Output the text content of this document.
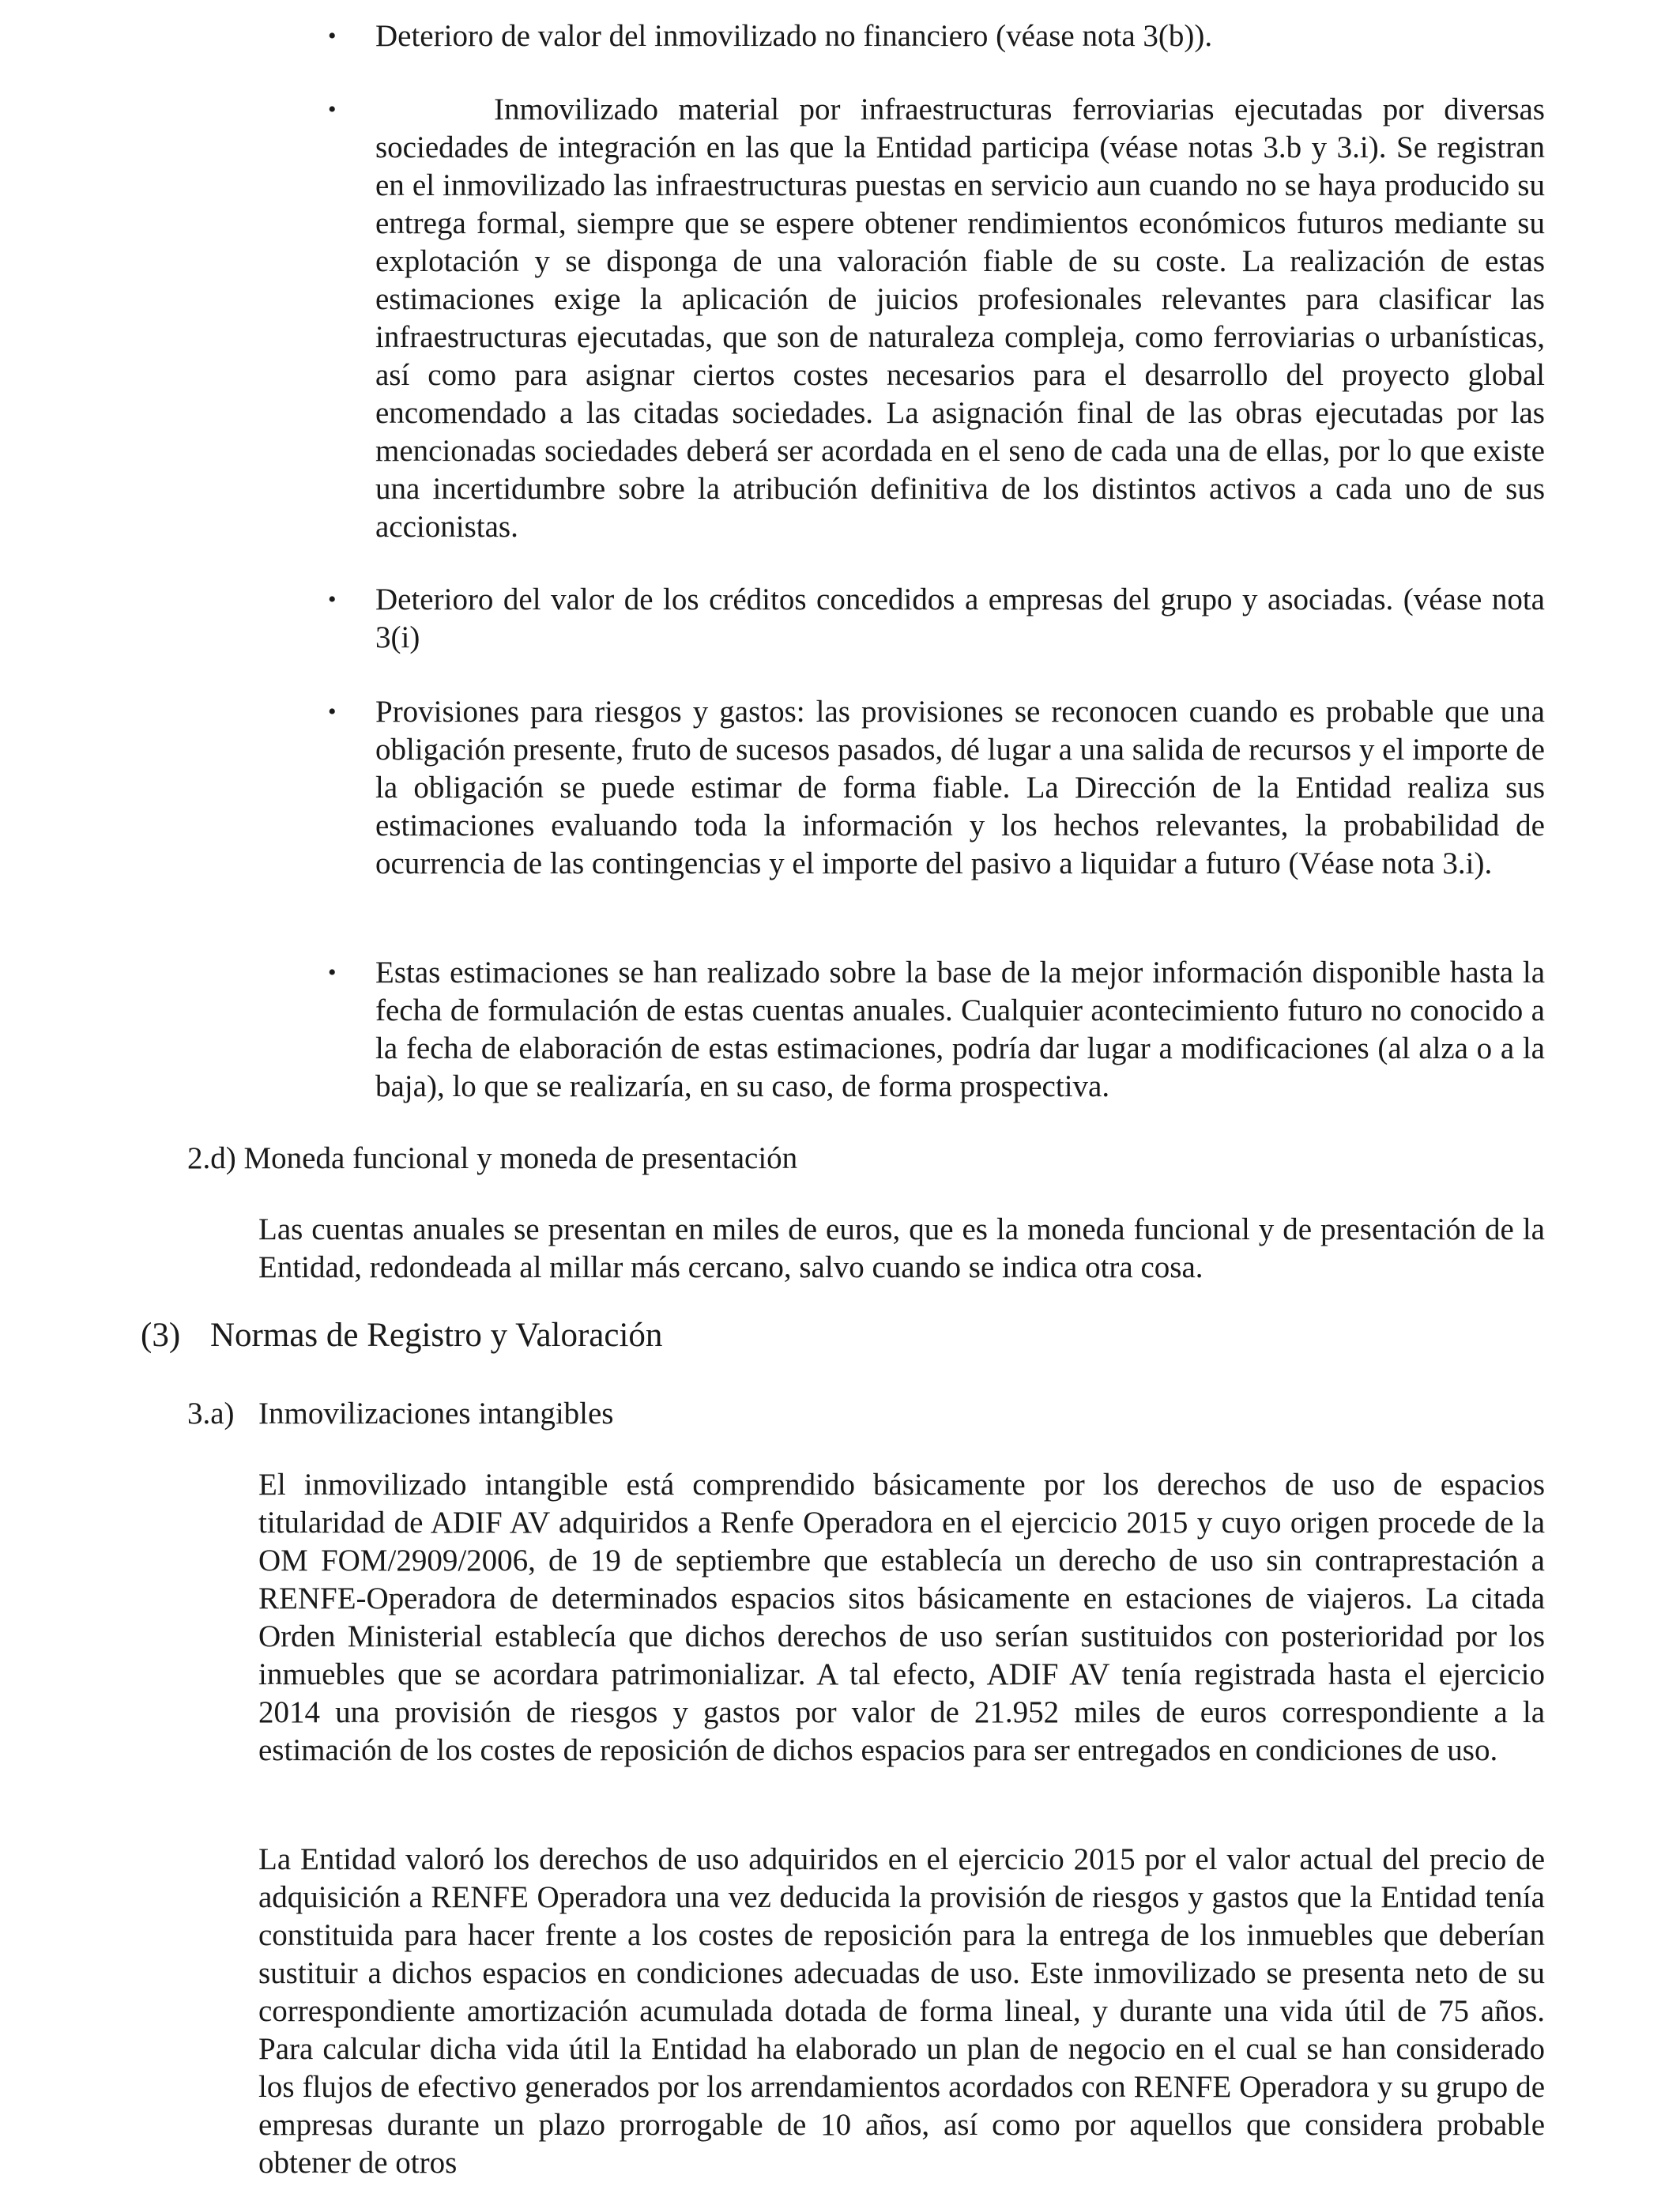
• Deterioro de valor del inmovilizado no financiero (véase nota 3(b)).

•	Inmovilizado material por infraestructuras ferroviarias ejecutadas por diversas sociedades de integración en las que la Entidad participa (véase notas 3.b y 3.i). Se registran en el inmovilizado las infraestructuras puestas en servicio aun cuando no se haya producido su entrega formal, siempre que se espere obtener rendimientos económicos futuros mediante su explotación y se disponga de una valoración fiable de su coste. La realización de estas estimaciones exige la aplicación de juicios profesionales relevantes para clasificar las infraestructuras ejecutadas, que son de naturaleza compleja, como ferroviarias o urbanísticas, así como para asignar ciertos costes necesarios para el desarrollo del proyecto global encomendado a las citadas sociedades. La asignación final de las obras ejecutadas por las mencionadas sociedades deberá ser acordada en el seno de cada una de ellas, por lo que existe una incertidumbre sobre la atribución definitiva de los distintos activos a cada uno de sus accionistas.

• Deterioro del valor de los créditos concedidos a empresas del grupo y asociadas. (véase nota 3(i)

• Provisiones para riesgos y gastos: las provisiones se reconocen cuando es probable que una obligación presente, fruto de sucesos pasados, dé lugar a una salida de recursos y el importe de la obligación se puede estimar de forma fiable. La Dirección de la Entidad realiza sus estimaciones evaluando toda la información y los hechos relevantes, la probabilidad de ocurrencia de las contingencias y el importe del pasivo a liquidar a futuro (Véase nota 3.i).

• Estas estimaciones se han realizado sobre la base de la mejor información disponible hasta la fecha de formulación de estas cuentas anuales. Cualquier acontecimiento futuro no conocido a la fecha de elaboración de estas estimaciones, podría dar lugar a modificaciones (al alza o a la baja), lo que se realizaría, en su caso, de forma prospectiva.

2.d) Moneda funcional y moneda de presentación

Las cuentas anuales se presentan en miles de euros, que es la moneda funcional y de presentación de la Entidad, redondeada al millar más cercano, salvo cuando se indica otra cosa.

(3) Normas de Registro y Valoración

3.a) Inmovilizaciones intangibles

El inmovilizado intangible está comprendido básicamente por los derechos de uso de espacios titularidad de ADIF AV adquiridos a Renfe Operadora en el ejercicio 2015 y cuyo origen procede de la OM FOM/2909/2006, de 19 de septiembre que establecía un derecho de uso sin contraprestación a RENFE-Operadora de determinados espacios sitos básicamente en estaciones de viajeros. La citada Orden Ministerial establecía que dichos derechos de uso serían sustituidos con posterioridad por los inmuebles que se acordara patrimonializar. A tal efecto, ADIF AV tenía registrada hasta el ejercicio 2014 una provisión de riesgos y gastos por valor de 21.952 miles de euros correspondiente a la estimación de los costes de reposición de dichos espacios para ser entregados en condiciones de uso.

La Entidad valoró los derechos de uso adquiridos en el ejercicio 2015 por el valor actual del precio de adquisición a RENFE Operadora una vez deducida la provisión de riesgos y gastos que la Entidad tenía constituida para hacer frente a los costes de reposición para la entrega de los inmuebles que deberían sustituir a dichos espacios en condiciones adecuadas de uso. Este inmovilizado se presenta neto de su correspondiente amortización acumulada dotada de forma lineal, y durante una vida útil de 75 años. Para calcular dicha vida útil la Entidad ha elaborado un plan de negocio en el cual se han considerado los flujos de efectivo generados por los arrendamientos acordados con RENFE Operadora y su grupo de empresas durante un plazo prorrogable de 10 años, así como por aquellos que considera probable obtener de otros
